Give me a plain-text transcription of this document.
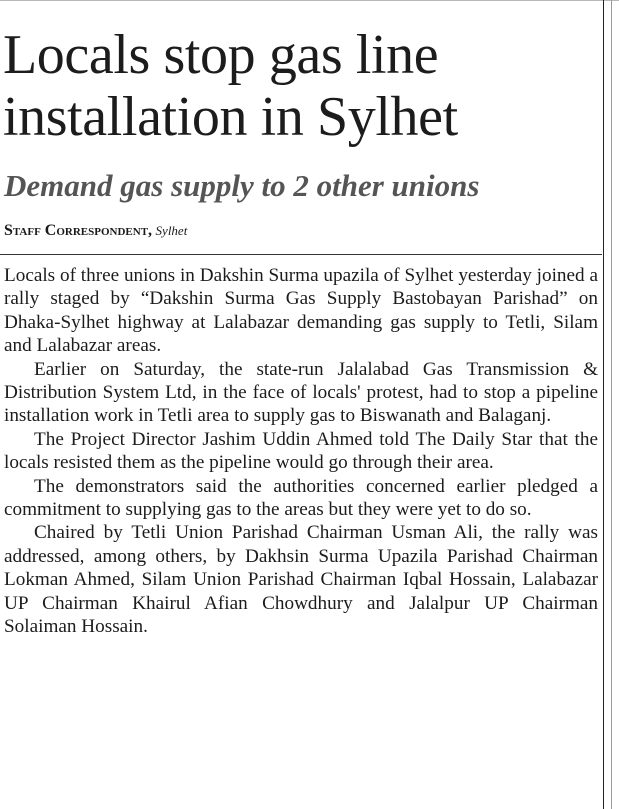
Locals stop gas line installation in Sylhet
Demand gas supply to 2 other unions
Staff Correspondent, Sylhet

Locals of three unions in Dakshin Surma upazila of Sylhet yesterday joined a rally staged by “Dakshin Surma Gas Supply Bastobayan Parishad” on Dhaka-Sylhet highway at Lalabazar demanding gas supply to Tetli, Silam and Lalabazar areas.

Earlier on Saturday, the state-run Jalalabad Gas Transmission & Distribution System Ltd, in the face of locals' protest, had to stop a pipeline installation work in Tetli area to supply gas to Biswanath and Balaganj.

The Project Director Jashim Uddin Ahmed told The Daily Star that the locals resisted them as the pipeline would go through their area.

The demonstrators said the authorities concerned earlier pledged a commitment to supplying gas to the areas but they were yet to do so.

Chaired by Tetli Union Parishad Chairman Usman Ali, the rally was addressed, among others, by Dakhsin Surma Upazila Parishad Chairman Lokman Ahmed, Silam Union Parishad Chairman Iqbal Hossain, Lalabazar UP Chairman Khairul Afian Chowdhury and Jalalpur UP Chairman Solaiman Hossain.
